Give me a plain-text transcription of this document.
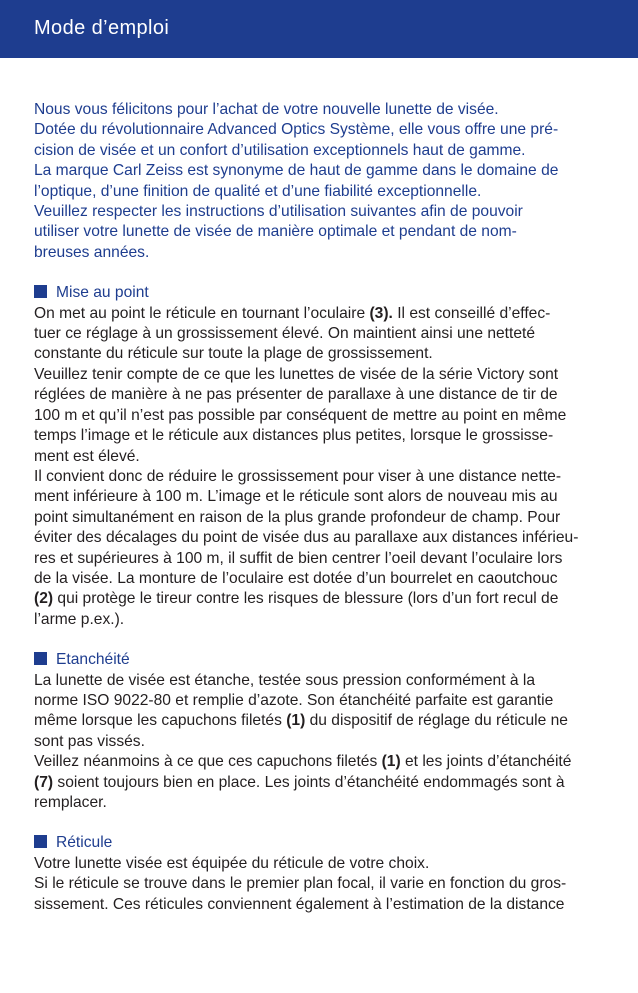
Mode d’emploi
Nous vous félicitons pour l’achat de votre nouvelle lunette de visée.
Dotée du révolutionnaire Advanced Optics Système, elle vous offre une pré-
cision de visée et un confort d’utilisation exceptionnels haut de gamme.
La marque Carl Zeiss est synonyme de haut de gamme dans le domaine de
l’optique, d’une finition de qualité et d’une fiabilité exceptionnelle.
Veuillez respecter les instructions d’utilisation suivantes afin de pouvoir
utiliser votre lunette de visée de manière optimale et pendant de nom-
breuses années.
Mise au point
On met au point le réticule en tournant l’oculaire (3). Il est conseillé d’effec-
tuer ce réglage à un grossissement élevé. On maintient ainsi une netteté
constante du réticule sur toute la plage de grossissement.
Veuillez tenir compte de ce que les lunettes de visée de la série Victory sont
réglées de manière à ne pas présenter de parallaxe à une distance de tir de
100 m et qu’il n’est pas possible par conséquent de mettre au point en même
temps l’image et le réticule aux distances plus petites, lorsque le grossisse-
ment est élevé.
Il convient donc de réduire le grossissement pour viser à une distance nette-
ment inférieure à 100 m. L’image et le réticule sont alors de nouveau mis au
point simultanément en raison de la plus grande profondeur de champ. Pour
éviter des décalages du point de visée dus au parallaxe aux distances inférieu-
res et supérieures à 100 m, il suffit de bien centrer l’oeil devant l’oculaire lors
de la visée. La monture de l’oculaire est dotée d’un bourrelet en caoutchouc
(2) qui protège le tireur contre les risques de blessure (lors d’un fort recul de
l’arme p.ex.).
Etanchéité
La lunette de visée est étanche, testée sous pression conformément à la
norme ISO 9022-80 et remplie d’azote. Son étanchéité parfaite est garantie
même lorsque les capuchons filetés (1) du dispositif de réglage du réticule ne
sont pas vissés.
Veillez néanmoins à ce que ces capuchons filetés (1) et les joints d’étanchéité
(7) soient toujours bien en place. Les joints d’étanchéité endommagés sont à
remplacer.
Réticule
Votre lunette visée est équipée du réticule de votre choix.
Si le réticule se trouve dans le premier plan focal, il varie en fonction du gros-
sissement. Ces réticules conviennent également à l’estimation de la distance
